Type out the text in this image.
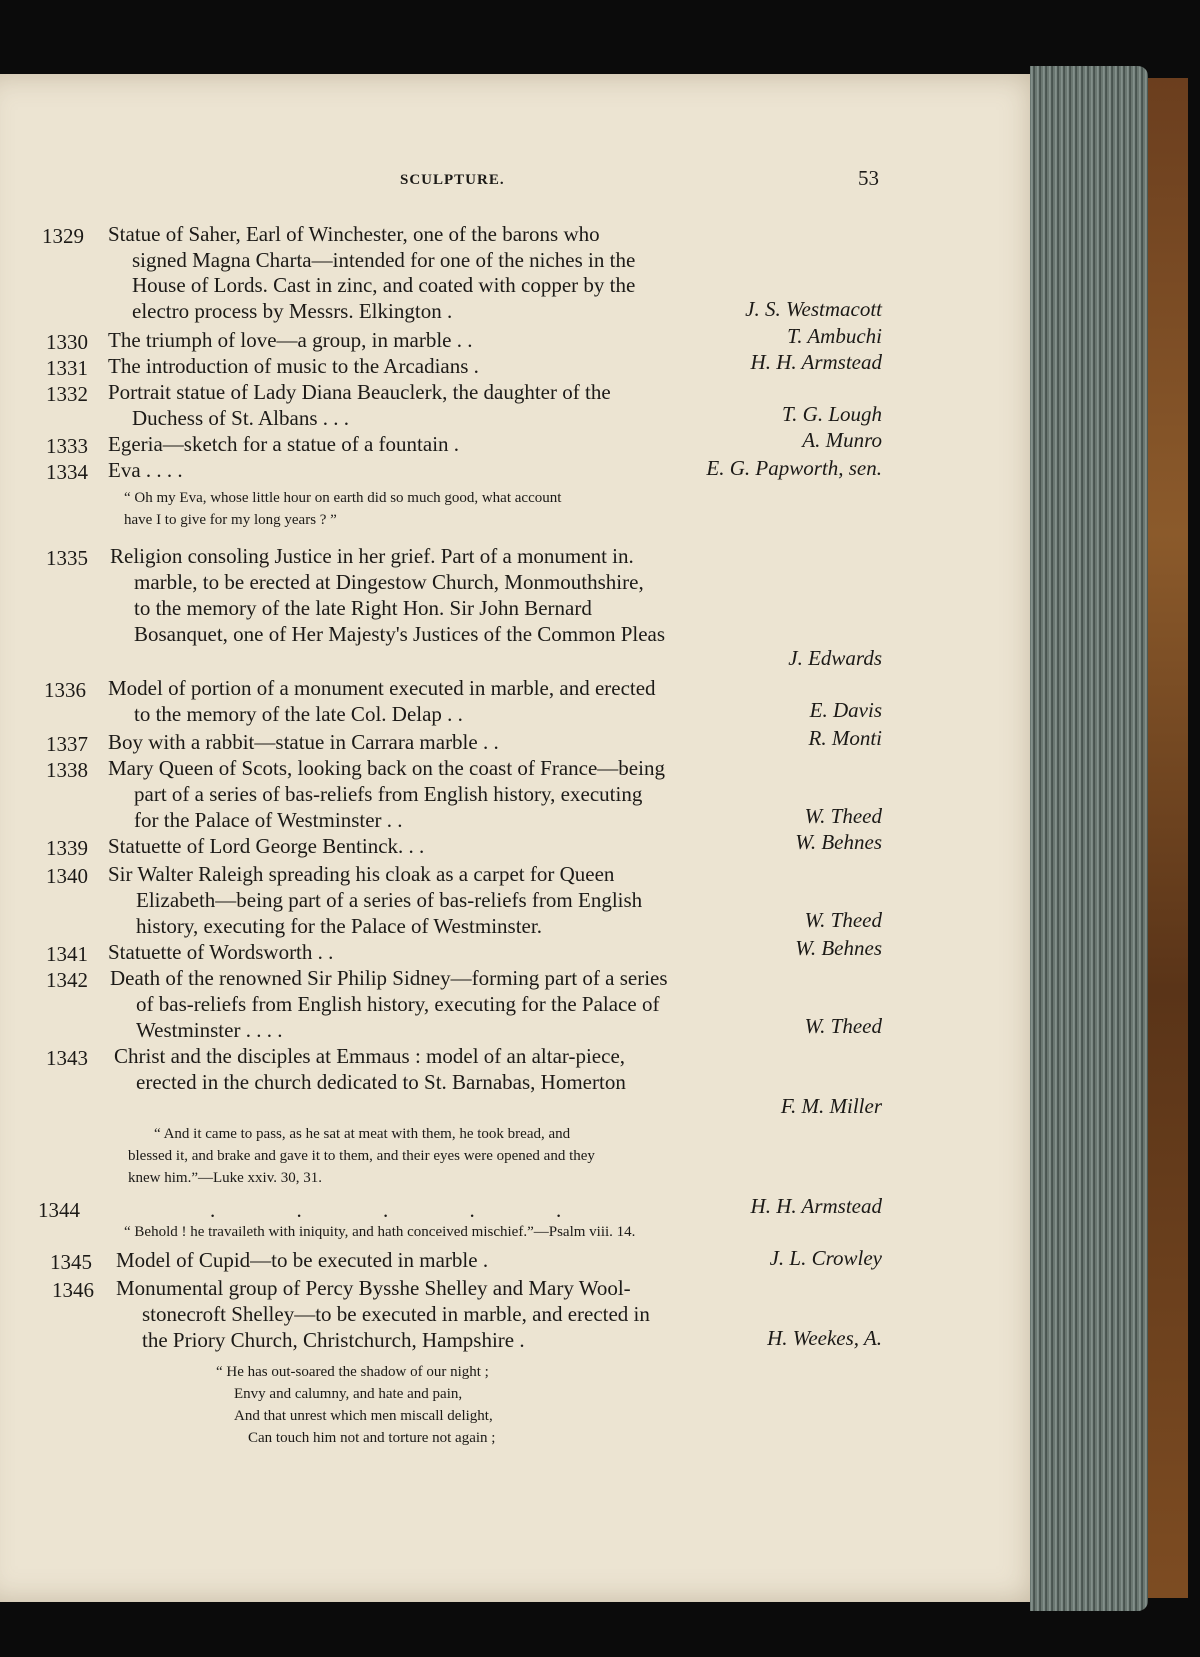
SCULPTURE.	53
1329 Statue of Saher, Earl of Winchester, one of the barons who
signed Magna Charta—intended for one of the niches in the
House of Lords. Cast in zinc, and coated with copper by the
electro process by Messrs. Elkington .	J. S. Westmacott
1330 The triumph of love—a group, in marble . .	T. Ambuchi
1331 The introduction of music to the Arcadians .	H. H. Armstead
1332 Portrait statue of Lady Diana Beauclerk, the daughter of the
Duchess of St. Albans . . .	T. G. Lough
1333 Egeria—sketch for a statue of a fountain .	A. Munro
1334 Eva . . . .	E. G. Papworth, sen.
“ Oh my Eva, whose little hour on earth did so much good, what account
have I to give for my long years ? ”
1335 Religion consoling Justice in her grief. Part of a monument in.
marble, to be erected at Dingestow Church, Monmouthshire,
to the memory of the late Right Hon. Sir John Bernard
Bosanquet, one of Her Majesty's Justices of the Common Pleas
J. Edwards
1336 Model of portion of a monument executed in marble, and erected
to the memory of the late Col. Delap . .	E. Davis
1337 Boy with a rabbit—statue in Carrara marble . .	R. Monti
1338 Mary Queen of Scots, looking back on the coast of France—being
part of a series of bas-reliefs from English history, executing
for the Palace of Westminster . .	W. Theed
1339 Statuette of Lord George Bentinck. . .	W. Behnes
1340 Sir Walter Raleigh spreading his cloak as a carpet for Queen
Elizabeth—being part of a series of bas-reliefs from English
history, executing for the Palace of Westminster.	W. Theed
1341 Statuette of Wordsworth . .	W. Behnes
1342 Death of the renowned Sir Philip Sidney—forming part of a series
of bas-reliefs from English history, executing for the Palace of
Westminster . . . .	W. Theed
1343 Christ and the disciples at Emmaus : model of an altar-piece,
erected in the church dedicated to St. Barnabas, Homerton
F. M. Miller
“ And it came to pass, as he sat at meat with them, he took bread, and
blessed it, and brake and gave it to them, and their eyes were opened and they
knew him.”—Luke xxiv. 30, 31.
1344	. . . . .	H. H. Armstead
“ Behold ! he travaileth with iniquity, and hath conceived mischief.”—Psalm viii. 14.
1345 Model of Cupid—to be executed in marble .	J. L. Crowley
1346 Monumental group of Percy Bysshe Shelley and Mary Wool-
stonecroft Shelley—to be executed in marble, and erected in
the Priory Church, Christchurch, Hampshire .	H. Weekes, A.
“ He has out-soared the shadow of our night ;
Envy and calumny, and hate and pain,
And that unrest which men miscall delight,
Can touch him not and torture not again ;
